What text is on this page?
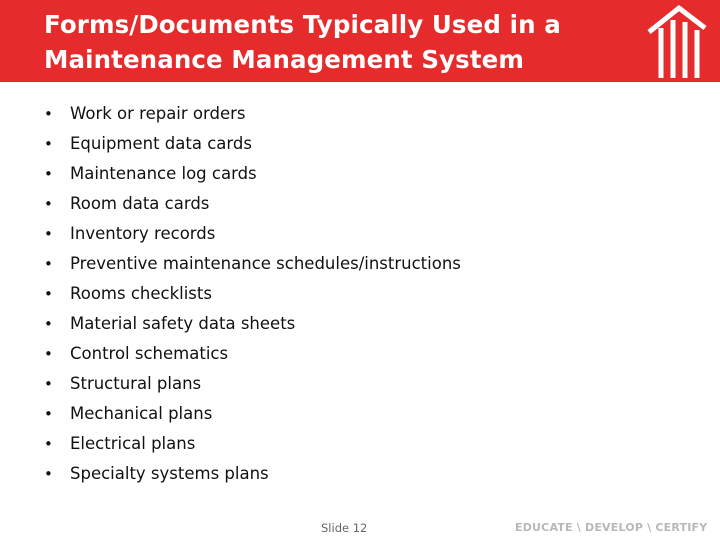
Forms/Documents Typically Used in a Maintenance Management System
• Work or repair orders
• Equipment data cards
• Maintenance log cards
• Room data cards
• Inventory records
• Preventive maintenance schedules/instructions
• Rooms checklists
• Material safety data sheets
• Control schematics
• Structural plans
• Mechanical plans
• Electrical plans
• Specialty systems plans
Slide 12	EDUCATE \ DEVELOP \ CERTIFY
